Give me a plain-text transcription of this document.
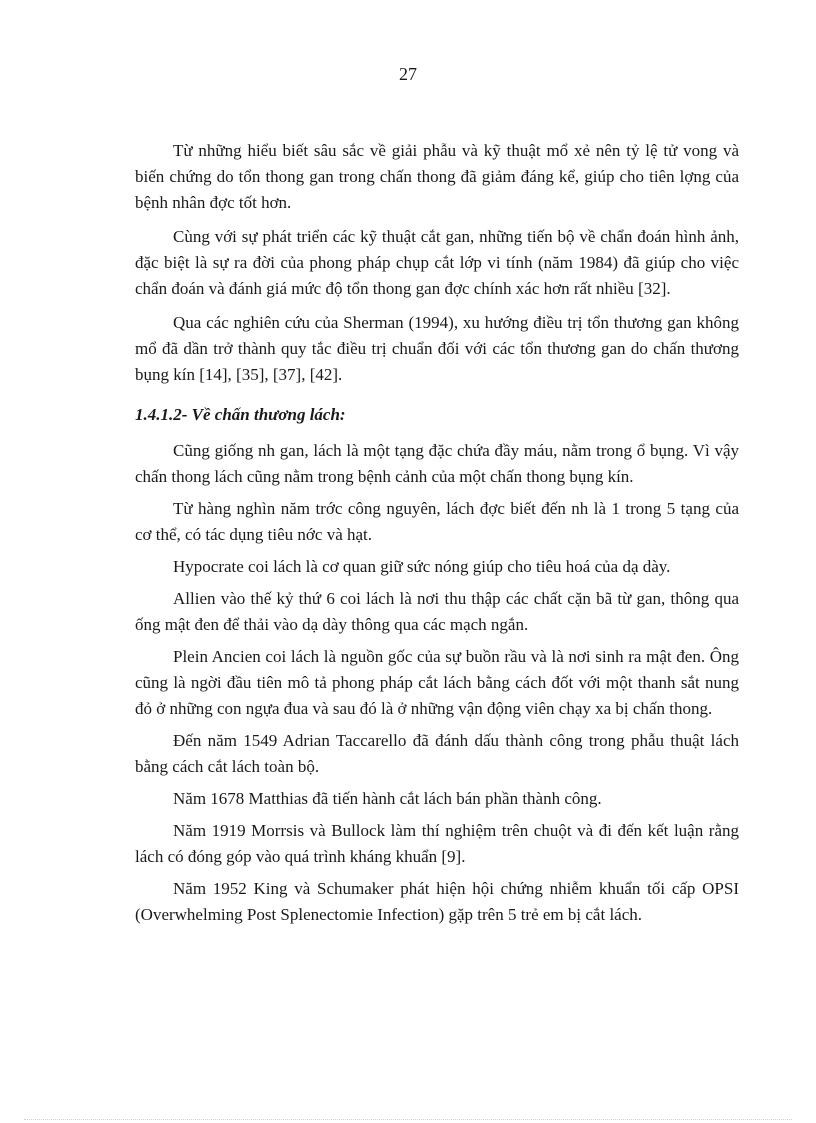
27

Từ những hiểu biết sâu sắc về giải phẫu và kỹ thuật mổ xẻ nên tỷ lệ tử vong và biến chứng do tổn thong gan trong chấn thong đã giảm đáng kể, giúp cho tiên lợng của bệnh nhân đợc tốt hơn.

Cùng với sự phát triển các kỹ thuật cắt gan, những tiến bộ về chẩn đoán hình ảnh, đặc biệt là sự ra đời của phong pháp chụp cắt lớp vi tính (năm 1984) đã giúp cho việc chẩn đoán và đánh giá mức độ tổn thong gan đợc chính xác hơn rất nhiều [32].

Qua các nghiên cứu của Sherman (1994), xu hướng điều trị tổn thương gan không mổ đã dần trở thành quy tắc điều trị chuẩn đối với các tổn thương gan do chấn thương bụng kín [14], [35], [37], [42].

1.4.1.2- Về chấn thương lách:

Cũng giống nh gan, lách là một tạng đặc chứa đầy máu, nằm trong ổ bụng. Vì vậy chấn thong lách cũng nằm trong bệnh cảnh của một chấn thong bụng kín.

Từ hàng nghìn năm trớc công nguyên, lách đợc biết đến nh là 1 trong 5 tạng của cơ thể, có tác dụng tiêu nớc và hạt.

Hypocrate coi lách là cơ quan giữ sức nóng giúp cho tiêu hoá của dạ dày.

Allien vào thế kỷ thứ 6 coi lách là nơi thu thập các chất cặn bã từ gan, thông qua ống mật đen để thải vào dạ dày thông qua các mạch ngắn.

Plein Ancien coi lách là nguồn gốc của sự buồn rầu và là nơi sinh ra mật đen. Ông cũng là ngời đầu tiên mô tả phong pháp cắt lách bằng cách đốt với một thanh sắt nung đỏ ở những con ngựa đua và sau đó là ở những vận động viên chạy xa bị chấn thong.

Đến năm 1549 Adrian Taccarello đã đánh dấu thành công trong phẫu thuật lách bằng cách cắt lách toàn bộ.

Năm 1678 Matthias đã tiến hành cắt lách bán phần thành công.

Năm 1919 Morrsis và Bullock làm thí nghiệm trên chuột và đi đến kết luận rằng lách có đóng góp vào quá trình kháng khuẩn [9].

Năm 1952 King và Schumaker phát hiện hội chứng nhiễm khuẩn tối cấp OPSI (Overwhelming Post Splenectomie Infection) gặp trên 5 trẻ em bị cắt lách.
